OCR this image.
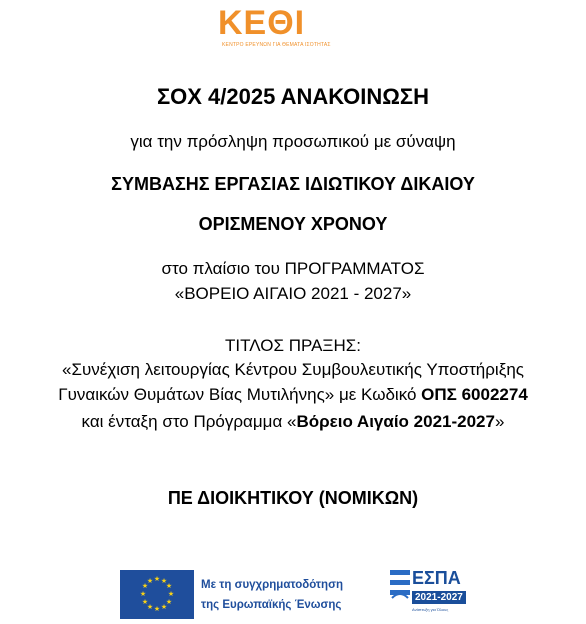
ΚΕΘΙ
ΚΕΝΤΡΟ ΕΡΕΥΝΩΝ ΓΙΑ ΘΕΜΑΤΑ ΙΣΟΤΗΤΑΣ
ΣΟΧ 4/2025 ΑΝΑΚΟΙΝΩΣΗ
για την πρόσληψη προσωπικού με σύναψη
ΣΥΜΒΑΣΗΣ ΕΡΓΑΣΙΑΣ ΙΔΙΩΤΙΚΟΥ ΔΙΚΑΙΟΥ
ΟΡΙΣΜΕΝΟΥ ΧΡΟΝΟΥ
στο πλαίσιο του ΠΡΟΓΡΑΜΜΑΤΟΣ
«ΒΟΡΕΙΟ ΑΙΓΑΙΟ 2021 - 2027»
ΤΙΤΛΟΣ ΠΡΑΞΗΣ:
«Συνέχιση λειτουργίας Κέντρου Συμβουλευτικής Υποστήριξης
Γυναικών Θυμάτων Βίας Μυτιλήνης» με Κωδικό ΟΠΣ 6002274
και ένταξη στο Πρόγραμμα «Βόρειο Αιγαίο 2021-2027»
ΠΕ ΔΙΟΙΚΗΤΙΚΟΥ (ΝΟΜΙΚΩΝ)
★ ★
★
★
★
★
★
★
★
★
★
★	Με τη συγχρηματοδότηση
της Ευρωπαϊκής Ένωσης
ΕΣΠΑ
2021-2027
Ανάπτυξη για Όλους
